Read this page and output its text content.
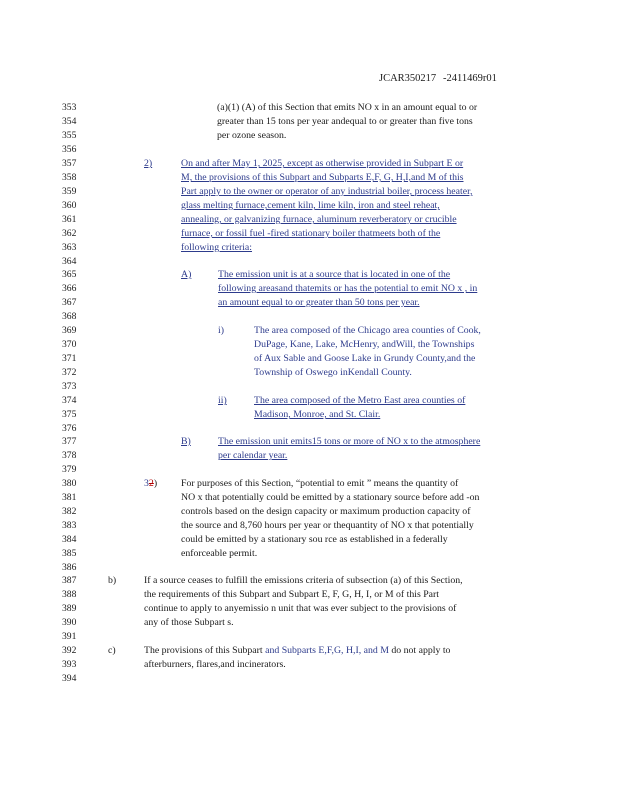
JCAR350217 -2411469r01
353
354
355
356
357
358
359
360
361
362
363
364
365
366
367
368
369
370
371
372
373
374
375
376
377
378
379
380
381
382
383
384
385
386
387
388
389
390
391
392
393
394
(a)(1) (A) of this Section that emits NO x in an amount equal to or
greater than 15 tons per year andequal to or greater than five tons
per ozone season.
2)	On and after May 1, 2025, except as otherwise provided in Subpart E or
M, the provisions of this Subpart and Subparts E,F, G, H,I,and M of this
Part apply to the owner or operator of any industrial boiler, process heater,
glass melting furnace,cement kiln, lime kiln, iron and steel reheat,
annealing, or galvanizing furnace, aluminum reverberatory or crucible
furnace, or fossil fuel -fired stationary boiler thatmeets both of the
following criteria:
A)	The emission unit is at a source that is located in one of the
following areasand thatemits or has the potential to emit NO x , in
an amount equal to or greater than 50 tons per year.
i)	The area composed of the Chicago area counties of Cook,
DuPage, Kane, Lake, McHenry, andWill, the Townships
of Aux Sable and Goose Lake in Grundy County,and the
Township of Oswego inKendall County.
ii)	The area composed of the Metro East area counties of
Madison, Monroe, and St. Clair.
B)	The emission unit emits15 tons or more of NO x to the atmosphere
per calendar year.
32) For purposes of this Section, “potential to emit ” means the quantity of
NO x that potentially could be emitted by a stationary source before add -on
controls based on the design capacity or maximum production capacity of
the source and 8,760 hours per year or thequantity of NO x that potentially
could be emitted by a stationary sou rce as established in a federally
enforceable permit.
b)	If a source ceases to fulfill the emissions criteria of subsection (a) of this Section,
the requirements of this Subpart and Subpart E, F, G, H, I, or M of this Part
continue to apply to anyemissio n unit that was ever subject to the provisions of
any of those Subpart s.
c)	The provisions of this Subpart and Subparts E,F,G, H,I, and M do not apply to
afterburners, flares,and incinerators.
